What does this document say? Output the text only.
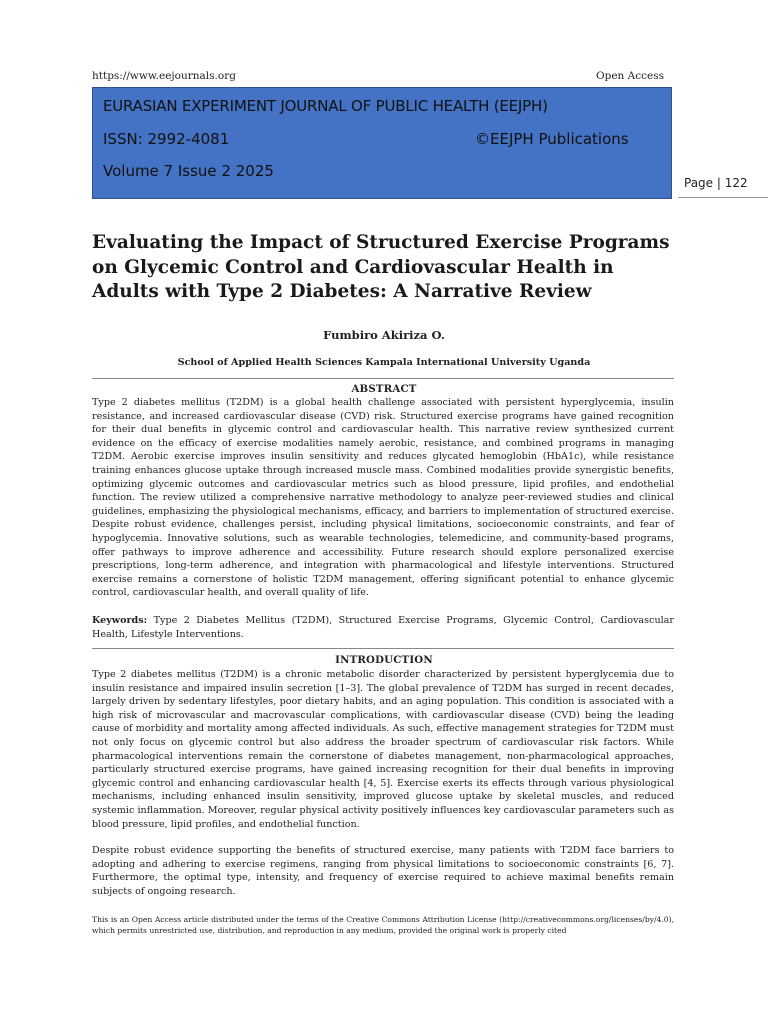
https://www.eejournals.org	Open Access
EURASIAN EXPERIMENT JOURNAL OF PUBLIC HEALTH (EEJPH)
ISSN: 2992-4081	©EEJPH Publications
Volume 7 Issue 2 2025
Page | 122
Evaluating the Impact of Structured Exercise Programs on Glycemic Control and Cardiovascular Health in Adults with Type 2 Diabetes: A Narrative Review
Fumbiro Akiriza O.
School of Applied Health Sciences Kampala International University Uganda
ABSTRACT
Type 2 diabetes mellitus (T2DM) is a global health challenge associated with persistent hyperglycemia, insulin resistance, and increased cardiovascular disease (CVD) risk. Structured exercise programs have gained recognition for their dual benefits in glycemic control and cardiovascular health. This narrative review synthesized current evidence on the efficacy of exercise modalities namely aerobic, resistance, and combined programs in managing T2DM. Aerobic exercise improves insulin sensitivity and reduces glycated hemoglobin (HbA1c), while resistance training enhances glucose uptake through increased muscle mass. Combined modalities provide synergistic benefits, optimizing glycemic outcomes and cardiovascular metrics such as blood pressure, lipid profiles, and endothelial function. The review utilized a comprehensive narrative methodology to analyze peer-reviewed studies and clinical guidelines, emphasizing the physiological mechanisms, efficacy, and barriers to implementation of structured exercise. Despite robust evidence, challenges persist, including physical limitations, socioeconomic constraints, and fear of hypoglycemia. Innovative solutions, such as wearable technologies, telemedicine, and community-based programs, offer pathways to improve adherence and accessibility. Future research should explore personalized exercise prescriptions, long-term adherence, and integration with pharmacological and lifestyle interventions. Structured exercise remains a cornerstone of holistic T2DM management, offering significant potential to enhance glycemic control, cardiovascular health, and overall quality of life.
Keywords: Type 2 Diabetes Mellitus (T2DM), Structured Exercise Programs, Glycemic Control, Cardiovascular Health, Lifestyle Interventions.
INTRODUCTION
Type 2 diabetes mellitus (T2DM) is a chronic metabolic disorder characterized by persistent hyperglycemia due to insulin resistance and impaired insulin secretion [1–3]. The global prevalence of T2DM has surged in recent decades, largely driven by sedentary lifestyles, poor dietary habits, and an aging population. This condition is associated with a high risk of microvascular and macrovascular complications, with cardiovascular disease (CVD) being the leading cause of morbidity and mortality among affected individuals. As such, effective management strategies for T2DM must not only focus on glycemic control but also address the broader spectrum of cardiovascular risk factors. While pharmacological interventions remain the cornerstone of diabetes management, non-pharmacological approaches, particularly structured exercise programs, have gained increasing recognition for their dual benefits in improving glycemic control and enhancing cardiovascular health [4, 5]. Exercise exerts its effects through various physiological mechanisms, including enhanced insulin sensitivity, improved glucose uptake by skeletal muscles, and reduced systemic inflammation. Moreover, regular physical activity positively influences key cardiovascular parameters such as blood pressure, lipid profiles, and endothelial function.
Despite robust evidence supporting the benefits of structured exercise, many patients with T2DM face barriers to adopting and adhering to exercise regimens, ranging from physical limitations to socioeconomic constraints [6, 7]. Furthermore, the optimal type, intensity, and frequency of exercise required to achieve maximal benefits remain subjects of ongoing research.
This is an Open Access article distributed under the terms of the Creative Commons Attribution License (http://creativecommons.org/licenses/by/4.0), which permits unrestricted use, distribution, and reproduction in any medium, provided the original work is properly cited
